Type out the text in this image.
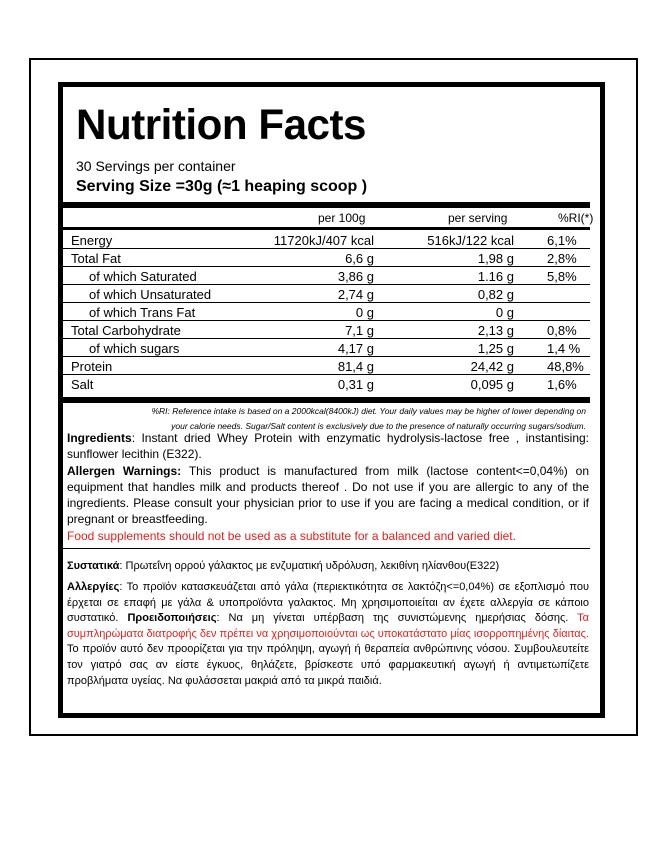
Nutrition Facts
30 Servings per container
Serving Size =30g (≈1 heaping scoop )
per 100g	per serving	%RI(*)
Energy	11720kJ/407 kcal	516kJ/122 kcal	6,1%
Total Fat	6,6 g	1,98 g	2,8%
of which Saturated	3,86 g	1.16 g	5,8%
of which Unsaturated	2,74 g	0,82 g
of which Trans Fat	0 g	0 g
Total Carbohydrate	7,1 g	2,13 g	0,8%
of which sugars	4,17 g	1,25 g	1,4 %
Protein	81,4 g	24,42 g	48,8%
Salt	0,31 g	0,095 g	1,6%
%RI: Reference intake is based on a 2000kcal(8400kJ) diet. Your daily values may be higher of lower depending on
your calorie needs. Sugar/Salt content is exclusively due to the presence of naturally occurring sugars/sodium.
Ingredients: Instant dried Whey Protein with enzymatic hydrolysis-lactose free , instantising: sunflower lecithin (E322).
Allergen Warnings: This product is manufactured from milk (lactose content<=0,04%) on equipment that handles milk and products thereof . Do not use if you are allergic to any of the ingredients. Please consult your physician prior to use if you are facing a medical condition, or if pregnant or breastfeeding.
Food supplements should not be used as a substitute for a balanced and varied diet.
Συστατικά: Πρωτεΐνη ορρού γάλακτος με ενζυματική υδρόλυση, λεκιθίνη ηλίανθου(E322)
Αλλεργίες: Το προϊόν κατασκευάζεται από γάλα (περιεκτικότητα σε λακτόζη<=0,04%) σε εξοπλισμό που έρχεται σε επαφή με γάλα & υποπροϊόντα γαλακτος. Μη χρησιμοποιείται αν έχετε αλλεργία σε κάποιο συστατικό. Προειδοποιήσεις: Να μη γίνεται υπέρβαση της συνιστώμενης ημερήσιας δόσης. Τα συμπληρώματα διατροφής δεν πρέπει να χρησιμοποιούνται ως υποκατάστατο μίας ισορροπημένης δίαιτας. Το προϊόν αυτό δεν προορίζεται για την πρόληψη, αγωγή ή θεραπεία ανθρώπινης νόσου. Συμβουλευτείτε τον γιατρό σας αν είστε έγκυος, θηλάζετε, βρίσκεστε υπό φαρμακευτική αγωγή ή αντιμετωπίζετε προβλήματα υγείας. Να φυλάσσεται μακριά από τα μικρά παιδιά.
